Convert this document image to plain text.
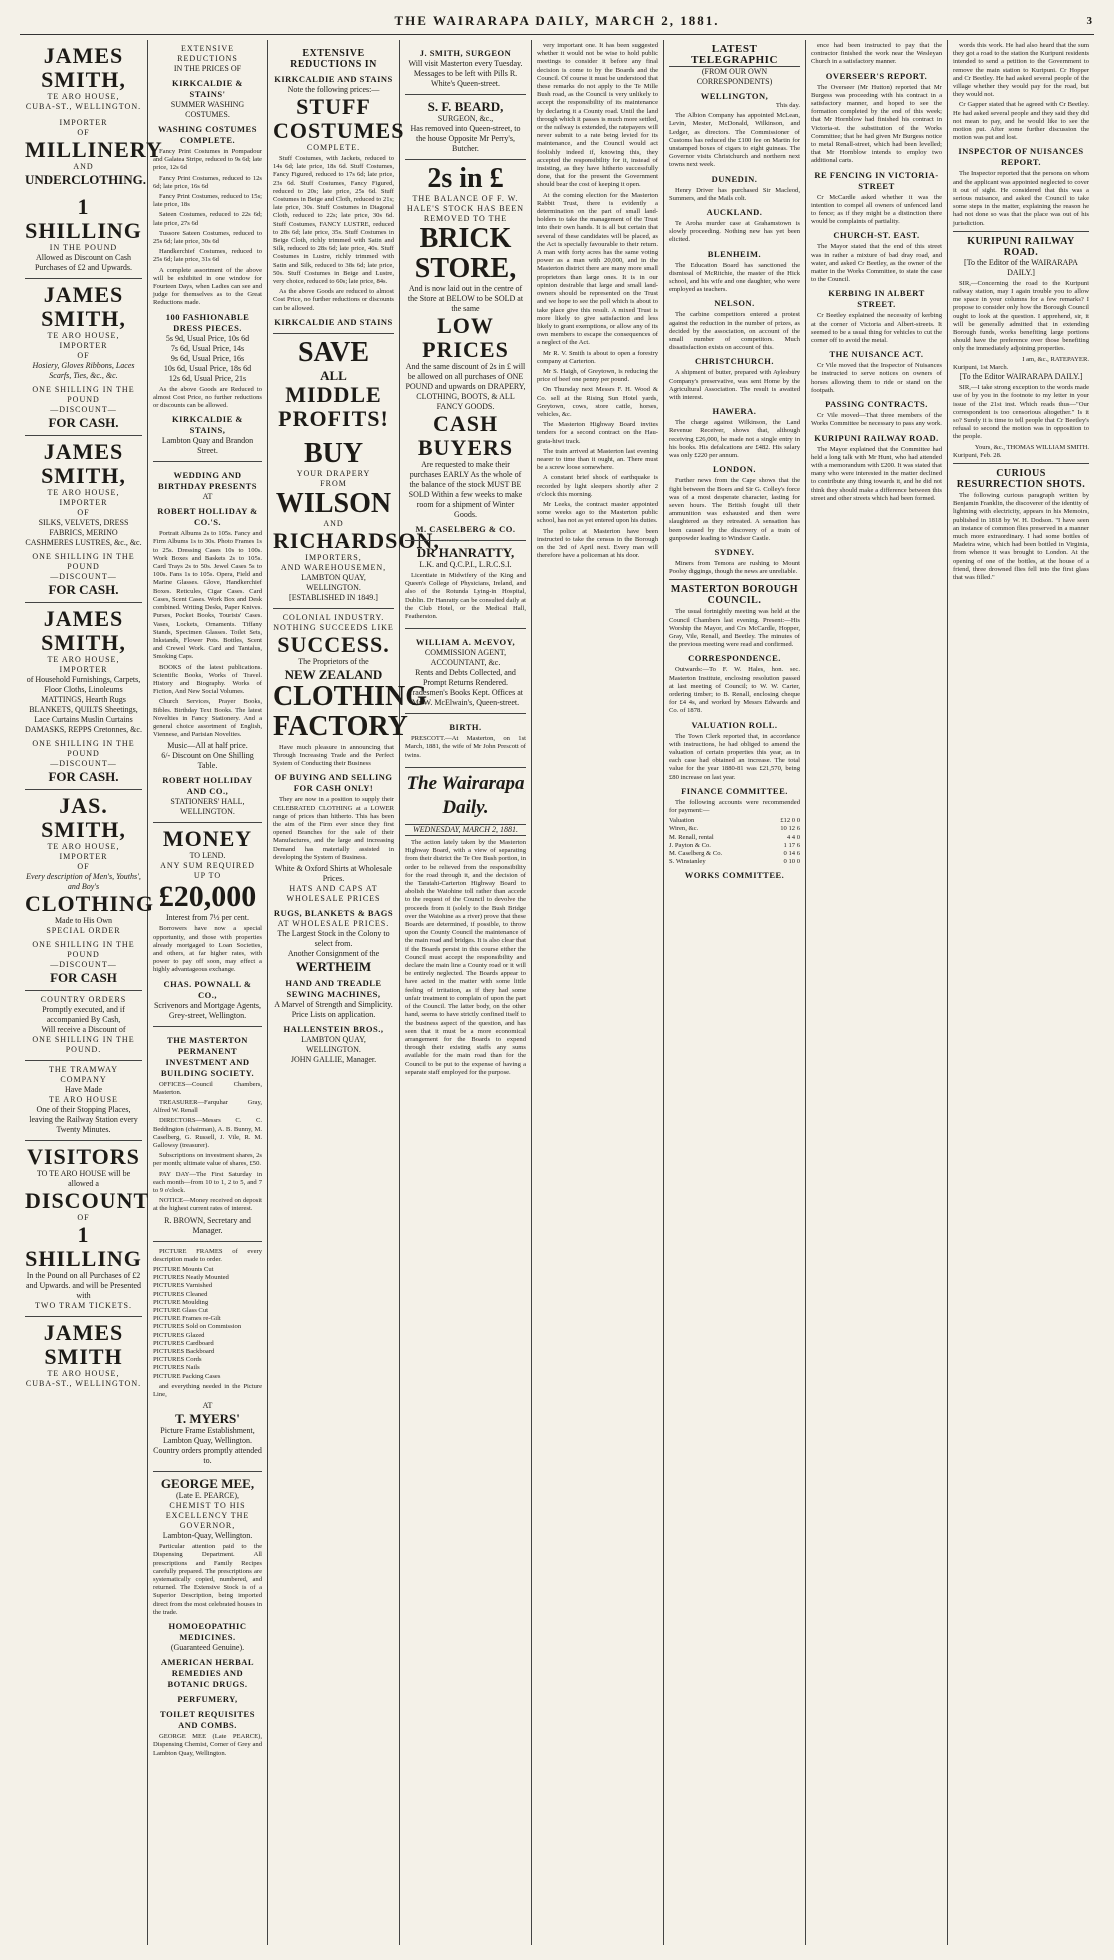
THE WAIRARAPA DAILY, MARCH 2, 1881.	3
JAMES SMITH,
TE ARO HOUSE,
CUBA-ST., WELLINGTON.
IMPORTER
OF
MILLINERY
AND
UNDERCLOTHING.
1 SHILLING
IN THE POUND
Allowed as Discount on Cash Purchases of £2 and Upwards.
JAMES SMITH,
TE ARO HOUSE,
IMPORTER
OF
Hosiery, Gloves Ribbons, Laces Scarfs, Ties, &c., &c.
ONE SHILLING IN THE POUND
—DISCOUNT—
FOR CASH.
JAMES SMITH,
TE ARO HOUSE,
IMPORTER
OF
SILKS, VELVETS, DRESS FABRICS, MERINO CASHMERES LUSTRES, &c., &c.
ONE SHILLING IN THE POUND
—DISCOUNT—
FOR CASH.
JAMES SMITH,
TE ARO HOUSE,
IMPORTER
of Household Furnishings, Carpets, Floor Cloths, Linoleums MATTINGS, Hearth Rugs BLANKETS, QUILTS Sheetings, Lace Curtains Muslin Curtains DAMASKS, REPPS Cretonnes, &c.
ONE SHILLING IN THE POUND
—DISCOUNT—
FOR CASH.
JAS. SMITH,
TE ARO HOUSE,
IMPORTER
OF
Every description of Men's, Youths', and Boy's
CLOTHING
Made to His Own
SPECIAL ORDER
ONE SHILLING IN THE POUND
—DISCOUNT—
FOR CASH
COUNTRY ORDERS
Promptly executed, and if accompanied By Cash,
Will receive a Discount of
ONE SHILLING IN THE POUND.
THE TRAMWAY COMPANY
Have Made
TE ARO HOUSE
One of their Stopping Places, leaving the Railway Station every Twenty Minutes.
VISITORS
TO TE ARO HOUSE will be allowed a
DISCOUNT
OF
1 SHILLING
In the Pound on all Purchases of £2 and Upwards. and will be Presented with
TWO TRAM TICKETS.
JAMES SMITH
TE ARO HOUSE,
CUBA-ST., WELLINGTON.
EXTENSIVE REDUCTIONS
IN THE PRICES OF
KIRKCALDIE & STAINS'
SUMMER WASHING COSTUMES.
WASHING COSTUMES COMPLETE.
Fancy Print Costumes in Pompadour and Galatea Stripe, reduced to 9s 6d; late price, 12s 6d
Fancy Print Costumes, reduced to 12s 6d; late price, 16s 6d
Fancy Print Costumes, reduced to 15s; late price, 18s
Sateen Costumes, reduced to 22s 6d; late price, 27s 6d
Tussore Sateen Costumes, reduced to 25s 6d; late price, 30s 6d
Handkerchief Costumes, reduced to 25s 6d; late price, 31s 6d
A complete assortment of the above will be exhibited in one window for Fourteen Days, when Ladies can see and judge for themselves as to the Great Reductions made.
100 FASHIONABLE DRESS PIECES.
5s 9d, Usual Price, 10s 6d
7s 6d, Usual Price, 14s
9s 6d, Usual Price, 16s
10s 6d, Usual Price, 18s 6d
12s 6d, Usual Price, 21s
As the above Goods are Reduced to almost Cost Price, no further reductions or discounts can be allowed.
KIRKCALDIE & STAINS,
Lambton Quay and Brandon Street.
WEDDING AND BIRTHDAY PRESENTS
AT
ROBERT HOLLIDAY & CO.'S.
Portrait Albums 2s to 105s. Fancy and Firm Albums 1s to 30s. Photo Frames 1s to 25s. Dressing Cases 10s to 100s. Work Boxes and Baskets 2s to 105s. Card Trays 2s to 50s. Jewel Cases 5s to 100s. Fans 1s to 105s. Opera, Field and Marine Glasses. Glove, Handkerchief Boxes. Reticules, Cigar Cases. Card Cases, Scent Cases. Work Box and Desk combined. Writing Desks, Paper Knives. Purses, Pocket Books, Tourists' Cases. Vases, Lockets, Ornaments. Tiffany Stands, Specimen Glasses. Toilet Sets, Inkstands, Flower Pots. Bottles, Scent and Crewel Work. Card and Tantalus, Smoking Caps.
BOOKS of the latest publications. Scientific Books, Works of Travel. History and Biography. Works of Fiction, And New Social Volumes.
Church Services, Prayer Books, Bibles. Birthday Text Books. The latest Novelties in Fancy Stationery. And a general choice assortment of English, Viennese, and Parisian Novelties.
Music—All at half price.
6/- Discount on One Shilling Table.
ROBERT HOLLIDAY AND CO.,
STATIONERS' HALL, WELLINGTON.
MONEY
TO LEND.
ANY SUM REQUIRED UP TO
£20,000
Interest from 7½ per cent.
Borrowers have now a special opportunity, and those with properties already mortgaged to Loan Societies, and others, at far higher rates, with power to pay off soon, may effect a highly advantageous exchange.
CHAS. POWNALL & CO.,
Scrivenors and Mortgage Agents, Grey-street, Wellington.
THE MASTERTON PERMANENT INVESTMENT AND BUILDING SOCIETY.
OFFICES—Council Chambers, Masterton.
TREASURER—Farquhar Gray, Alfred W. Renall
DIRECTORS—Messrs C. C. Beddington (chairman), A. B. Bunny, M. Caselberg, G. Russell, J. Vile, R. M. Gallowsy (treasurer).
Subscriptions on investment shares, 2s per month; ultimate value of shares, £50.
PAY DAY—The First Saturday in each month—from 10 to 1, 2 to 5, and 7 to 9 o'clock.
NOTICE—Money received on deposit at the highest current rates of interest.
R. BROWN, Secretary and Manager.
PICTURE FRAMES of every description made to order.
PICTURE Mounts Cut
PICTURES Neatly Mounted
PICTURES Varnished
PICTURES Cleaned
PICTURE Moulding
PICTURE Glass Cut
PICTURE Frames re-Gilt
PICTURES Sold on Commission
PICTURES Glazed
PICTURES Cardboard
PICTURES Backboard
PICTURES Cords
PICTURES Nails
PICTURE Packing Cases
and everything needed in the Picture Line,
AT
T. MYERS'
Picture Frame Establishment, Lambton Quay, Wellington. Country orders promptly attended to.
GEORGE MEE,
(Late E. PEARCE),
CHEMIST TO HIS EXCELLENCY THE GOVERNOR,
Lambton-Quay, Wellington.
Particular attention paid to the Dispensing Department. All prescriptions and Family Recipes carefully prepared. The prescriptions are systematically copied, numbered, and returned. The Extensive Stock is of a Superior Description, being imported direct from the most celebrated houses in the trade.
HOMOEOPATHIC MEDICINES.
(Guaranteed Genuine).
AMERICAN HERBAL REMEDIES AND BOTANIC DRUGS.
PERFUMERY,
TOILET REQUISITES AND COMBS.
GEORGE MEE (Late PEARCE), Dispensing Chemist, Corner of Grey and Lambton Quay, Wellington.
EXTENSIVE REDUCTIONS IN
KIRKCALDIE AND STAINS
Note the following prices:—
STUFF COSTUMES
COMPLETE.
Stuff Costumes, with Jackets, reduced to 14s 6d; late price, 18s 6d. Stuff Costumes, Fancy Figured, reduced to 17s 6d; late price, 23s 6d. Stuff Costumes, Fancy Figured, reduced to 20s; late price, 25s 6d. Stuff Costumes in Beige and Cloth, reduced to 21s; late price, 30s. Stuff Costumes in Diagonal Cloth, reduced to 22s; late price, 30s 6d. Stuff Costumes, FANCY LUSTRE, reduced to 28s 6d; late price, 35s. Stuff Costumes in Beige Cloth, richly trimmed with Satin and Silk, reduced to 28s 6d; late price, 40s. Stuff Costumes in Lustre, richly trimmed with Satin and Silk, reduced to 38s 6d; late price, 50s. Stuff Costumes in Beige and Lustre, very choice, reduced to 60s; late price, 84s.
As the above Goods are reduced to almost Cost Price, no further reductions or discounts can be allowed.
KIRKCALDIE AND STAINS
SAVE
ALL
MIDDLE PROFITS!
BUY
YOUR DRAPERY
FROM
WILSON
AND
RICHARDSON,
IMPORTERS,
AND WAREHOUSEMEN,
LAMBTON QUAY, WELLINGTON.
[ESTABLISHED IN 1849.]
COLONIAL INDUSTRY.
NOTHING SUCCEEDS LIKE
SUCCESS.
The Proprietors of the
NEW ZEALAND
CLOTHING
FACTORY
Have much pleasure in announcing that Through Increasing Trade and the Perfect System of Conducting their Business
OF BUYING AND SELLING FOR CASH ONLY!
They are now in a position to supply their CELEBRATED CLOTHING at a LOWER range of prices than hitherto. This has been the aim of the Firm ever since they first opened Branches for the sale of their Manufactures, and the large and increasing Demand has materially assisted in developing the System of Business.
White & Oxford Shirts at Wholesale Prices.
HATS AND CAPS AT WHOLESALE PRICES
RUGS, BLANKETS & BAGS
AT WHOLESALE PRICES.
The Largest Stock in the Colony to select from.
Another Consignment of the
WERTHEIM
HAND AND TREADLE SEWING MACHINES,
A Marvel of Strength and Simplicity. Price Lists on application.
HALLENSTEIN BROS.,
LAMBTON QUAY, WELLINGTON.
JOHN GALLIE, Manager.
J. SMITH, SURGEON
Will visit Masterton every Tuesday. Messages to be left with Pills R. White's Queen-street.
S. F. BEARD,
SURGEON, &c.,
Has removed into Queen-street, to the house Opposite Mr Perry's, Butcher.
2s in £
THE BALANCE OF F. W. HALE'S STOCK HAS BEEN REMOVED TO THE
BRICK STORE,
And is now laid out in the centre of the Store at BELOW to be SOLD at the same
LOW PRICES
And the same discount of 2s in £ will be allowed on all purchases of ONE POUND and upwards on DRAPERY, CLOTHING, BOOTS, & ALL FANCY GOODS.
CASH BUYERS
Are requested to make their purchases EARLY As the whole of the balance of the stock MUST BE SOLD Within a few weeks to make room for a shipment of Winter Goods.
M. CASELBERG & CO.
DR HANRATTY,
L.K. and Q.C.P.I., L.R.C.S.I.
Licentiate in Midwifery of the King and Queen's College of Physicians, Ireland, and also of the Rotunda Lying-in Hospital, Dublin. Dr Hanratty can be consulted daily at the Club Hotel, or the Medical Hall, Featherston.
WILLIAM A. McEVOY,
COMMISSION AGENT, ACCOUNTANT, &c.
Rents and Debts Collected, and Prompt Returns Rendered. Tradesmen's Books Kept. Offices at Mr W. McElwain's, Queen-street.
BIRTH.
PRESCOTT.—At Masterton, on 1st March, 1881, the wife of Mr John Prescott of twins.
The Wairarapa Daily.
WEDNESDAY, MARCH 2, 1881.
The action lately taken by the Masterton Highway Board, with a view of separating from their district the Te Ore Bush portion, in order to be relieved from the responsibility for the road through it, and the decision of the Taratahi-Carterton Highway Board to abolish the Waiohine toll rather than accede to the request of the Council to devolve the proceeds from it (solely to the Bush Bridge over the Waiohine as a river) prove that these Boards are determined, if possible, to throw upon the County Council the maintenance of the main road and bridges. It is also clear that if the Boards persist in this course either the Council must accept the responsibility and declare the main line a County road or it will be entirely neglected. The Boards appear to have acted in the matter with some little feeling of irritation, as if they had some unfair treatment to complain of upon the part of the Council. The latter body, on the other hand, seems to have strictly confined itself to the business aspect of the question, and has seen that it must be a more economical arrangement for the Boards to expend through their existing staffs any sums available for the main road than for the Council to be put to the expense of having a separate staff employed for the purpose.
very important one. It has been suggested whether it would not be wise to hold public meetings to consider it before any final decision is come to by the Boards and the Council. Of course it must be understood that these remarks do not apply to the Te Mille Bush road, as the Council is very unlikely to accept the responsibility of its maintenance by declaring it a County road. Until the land through which it passes is much more settled, or the railway is extended, the ratepayers will never submit to a rate being levied for its maintenance, and the Council would act foolishly indeed if, knowing this, they accepted the responsibility for it, instead of insisting, as they have hitherto successfully done, that for the present the Government should bear the cost of keeping it open.
At the coming election for the Masterton Rabbit Trust, there is evidently a determination on the part of small land-holders to take the management of the Trust into their own hands. It is all but certain that several of these candidates will be placed, as the Act is specially favourable to their return. A man with forty acres has the same voting power as a man with 20,000, and in the Masterton district there are many more small proprietors than large ones. It is in our opinion desirable that large and small land-owners should be represented on the Trust and we hope to see the poll which is about to take place give this result. A mixed Trust is more likely to give satisfaction and less likely to grant exemptions, or allow any of its own members to escape the consequences of a neglect of the Act.
Mr R. V. Smith is about to open a forestry company at Carterton.
Mr S. Haigh, of Greytown, is reducing the price of beef one penny per pound.
On Thursday next Messrs F. H. Wood & Co. sell at the Rising Sun Hotel yards, Greytown, cows, store cattle, horses, vehicles, &c.
The Masterton Highway Board invites tenders for a second contract on the Hau-grata-hiwi track.
The train arrived at Masterton last evening nearer to time than it ought, an. There must be a screw loose somewhere.
A constant brief shock of earthquake is recorded by light sleepers shortly after 2 o'clock this morning.
Mr Leeks, the contract master appointed some weeks ago to the Masterton public school, has not as yet entered upon his duties.
The police at Masterton have been instructed to take the census in the Borough on the 3rd of April next. Every man will therefore have a policeman at his door.
LATEST TELEGRAPHIC
(FROM OUR OWN CORRESPONDENTS)
WELLINGTON,
This day.
The Albion Company has appointed McLean, Levin, Mester, McDonald, Wilkinson, and Ledger, as directors. The Commissioner of Customs has reduced the £100 fee on Martin for unstamped boxes of cigars to eight guineas. The Governor visits Christchurch and northern next towns next week.
DUNEDIN.
Henry Driver has purchased Sir Macleod, Summers, and the Mails colt.
AUCKLAND.
Te Aroha murder case at Grahamstown is slowly proceeding. Nothing new has yet been elicited.
BLENHEIM.
The Education Board has sanctioned the dismissal of McRitchie, the master of the Hick school, and his wife and one daughter, who were employed as teachers.
NELSON.
The carbine competitors entered a protest against the reduction in the number of prizes, as decided by the association, on account of the small number of competitors. Much dissatisfaction exists on account of this.
CHRISTCHURCH.
A shipment of butter, prepared with Aylesbury Company's preservative, was sent Home by the Agricultural Association. The result is awaited with interest.
HAWERA.
The charge against Wilkinson, the Land Revenue Receiver, shows that, although receiving £26,000, he made not a single entry in his books. His defalcations are £482. His salary was only £220 per annum.
LONDON.
Further news from the Cape shows that the fight between the Boers and Sir G. Colley's force was of a most desperate character, lasting for seven hours. The British fought till their ammunition was exhausted and then were slaughtered as they retreated. A sensation has been caused by the discovery of a train of gunpowder leading to Windsor Castle.
SYDNEY.
Miners from Temora are rushing to Mount Poolsy diggings, though the news are unreliable.
MASTERTON BOROUGH COUNCIL.
The usual fortnightly meeting was held at the Council Chambers last evening. Present:—His Worship the Mayor, and Crs McCardle, Hopper, Gray, Vile, Renall, and Beetley. The minutes of the previous meeting were read and confirmed.
CORRESPONDENCE.
Outwards:—To F. W. Hales, hon. sec. Masterton Institute, enclosing resolution passed at last meeting of Council; to W. W. Carter, ordering timber; to B. Renall, enclosing cheque for £4 4s, and worked by Messrs Edwards and Co. of 1878.
VALUATION ROLL.
The Town Clerk reported that, in accordance with instructions, he had obliged to amend the valuation of certain properties this year, as in each case had obtained an increase. The total value for the year 1880-81 was £21,570, being £80 increase on last year.
FINANCE COMMITTEE.
The following accounts were recommended for payment:—
Valuation	£12 0 0
Wiren, &c.	10 12 6
M. Renall, rental	4 4 0
J. Payton & Co.	1 17 6
M. Caselberg & Co.	0 14 6
S. Winstanley	0 10 0
WORKS COMMITTEE.
ence had been instructed to pay that the contractor finished the work near the Wesleyan Church in a satisfactory manner.
OVERSEER'S REPORT.
The Overseer (Mr Hutton) reported that Mr Burgess was proceeding with his contract in a satisfactory manner, and hoped to see the formation completed by the end of this week; that Mr Hornblow had finished his contract in Victoria-st. the substitution of the Works Committee; that he had given Mr Burgess notice to metal Renall-street, which had been levelled; that Mr Hornblow intends to employ two additional carts.
RE FENCING IN VICTORIA-STREET
Cr McCardle asked whether it was the intention to compel all owners of unfenced land to fence; as if they might be a distinction there would be complaints of partiality.
CHURCH-ST. EAST.
The Mayor stated that the end of this street was in rather a mixture of bad dray road, and water, and asked Cr Beetley, as the owner of the matter in the Works Committee, to state the case to the Council.
KERBING IN ALBERT STREET.
Cr Beetley explained the necessity of kerbing at the corner of Victoria and Albert-streets. It seemed to be a usual thing for vehicles to cut the corner off to avoid the metal.
THE NUISANCE ACT.
Cr Vile moved that the Inspector of Nuisances be instructed to serve notices on owners of horses allowing them to ride or stand on the footpath.
PASSING CONTRACTS.
Cr Vile moved—That three members of the Works Committee be necessary to pass any work.
KURIPUNI RAILWAY ROAD.
The Mayor explained that the Committee had held a long talk with Mr Hunt, who had attended with a memorandum with £200. It was stated that many who were interested in the matter declined to contribute any thing towards it, and he did not think they should make a difference between this street and other streets which had been formed.
words this work. He had also heard that the sum they got a road to the station the Kuripuni residents intended to send a petition to the Government to remove the main station to Kuripuni. Cr Hopper and Cr Beetley. He had asked several people of the village whether they would pay for the road, but they would not.
Cr Gapper stated that he agreed with Cr Beetley. He had asked several people and they said they did not mean to pay, and he would like to see the motion put. After some further discussion the motion was put and lost.
INSPECTOR OF NUISANCES REPORT.
The Inspector reported that the persons on whom and the applicant was appointed neglected to cover it out of sight. He considered that this was a serious nuisance, and asked the Council to take some steps in the matter, explaining the reason he had not done so was that the place was out of his jurisdiction.
KURIPUNI RAILWAY ROAD.
[To the Editor of the WAIRARAPA DAILY.]
SIR,—Concerning the road to the Kuripuni railway station, may I again trouble you to allow me space in your columns for a few remarks? I propose to consider only how the Borough Council ought to look at the question. I apprehend, sir, it will be generally admitted that in extending Borough funds, works benefiting large portions should have the preference over those benefiting only the immediately adjoining properties.
I am, &c., RATEPAYER.
Kuripuni, 1st March.
[To the Editor WAIRARAPA DAILY.]
SIR,—I take strong exception to the words made use of by you in the footnote to my letter in your issue of the 21st inst. Which reads thus—"Our correspondent is too censorious altogether." Is it so? Surely it is time to tell people that Cr Beetley's refusal to second the motion was in opposition to the people.
Yours, &c., THOMAS WILLIAM SMITH.
Kuripuni, Feb. 28.
CURIOUS RESURRECTION SHOTS.
The following curious paragraph written by Benjamin Franklin, the discoverer of the identity of lightning with electricity, appears in his Memoirs, published in 1818 by W. H. Dodson. "I have seen an instance of common flies preserved in a manner much more extraordinary. I had some bottles of Madeira wine, which had been bottled in Virginia, from whence it was brought to London. At the opening of one of the bottles, at the house of a friend, three drowned flies fell into the first glass that was filled."
